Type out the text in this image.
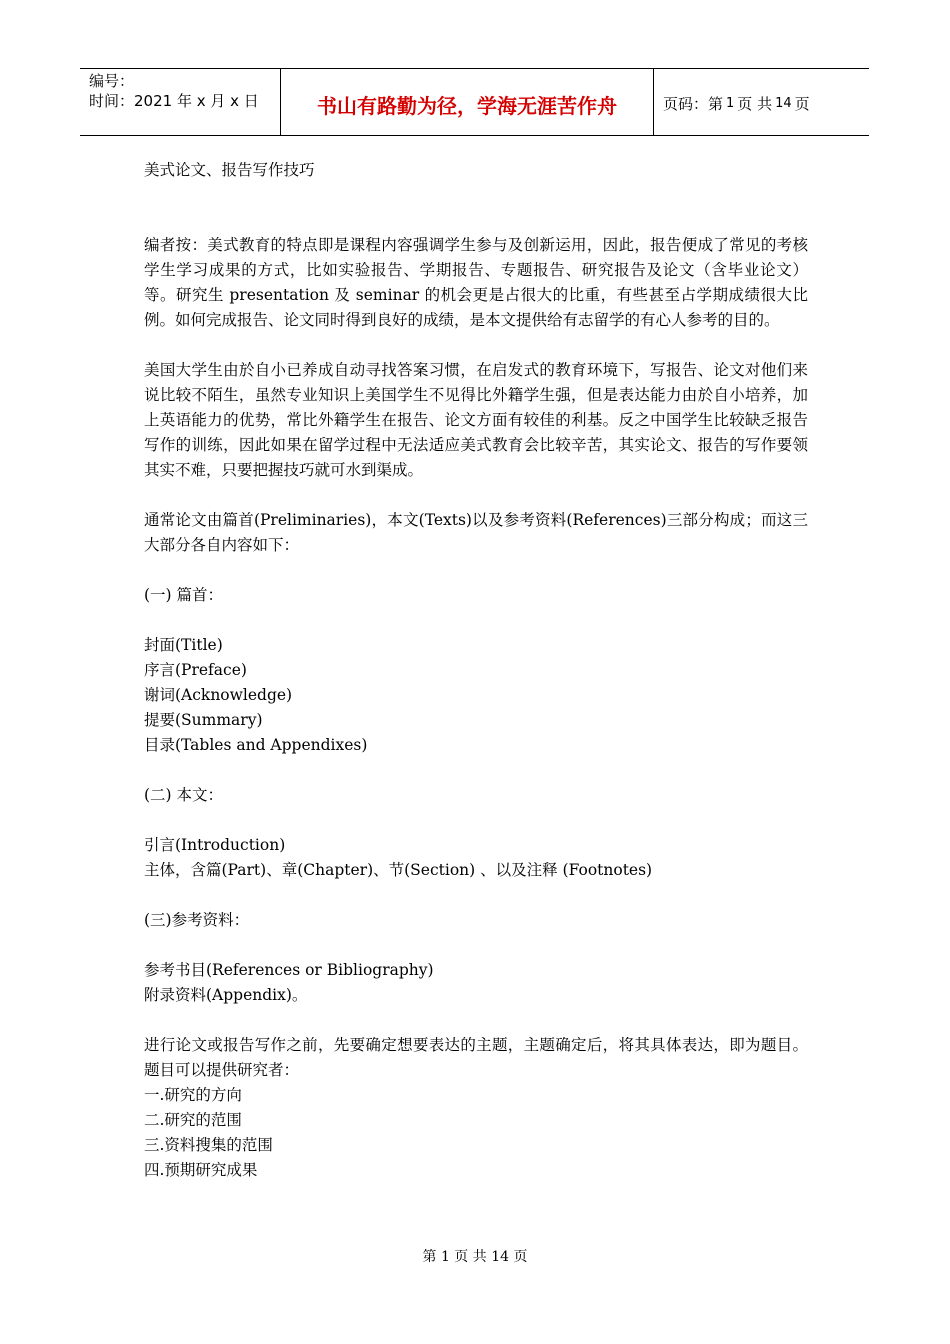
编号：
时间：2021 年 x 月 x 日	书山有路勤为径，学海无涯苦作舟	页码：第 1 页 共 14 页

美式论文、报告写作技巧

编者按：美式教育的特点即是课程内容强调学生参与及创新运用，因此，报告便成了常见的考核学生学习成果的方式，比如实验报告、学期报告、专题报告、研究报告及论文（含毕业论文）等。研究生 presentation 及 seminar 的机会更是占很大的比重，有些甚至占学期成绩很大比例。如何完成报告、论文同时得到良好的成绩，是本文提供给有志留学的有心人参考的目的。

美国大学生由於自小已养成自动寻找答案习惯，在启发式的教育环境下，写报告、论文对他们来说比较不陌生，虽然专业知识上美国学生不见得比外籍学生强，但是表达能力由於自小培养，加上英语能力的优势，常比外籍学生在报告、论文方面有较佳的利基。反之中国学生比较缺乏报告写作的训练，因此如果在留学过程中无法适应美式教育会比较辛苦，其实论文、报告的写作要领其实不难，只要把握技巧就可水到渠成。

通常论文由篇首(Preliminaries)，本文(Texts)以及参考资料(References)三部分构成；而这三大部分各自内容如下：

(一) 篇首：

封面(Title)

序言(Preface)

谢词(Acknowledge)

提要(Summary)

目录(Tables and Appendixes)

(二) 本文：

引言(Introduction)

主体，含篇(Part)、章(Chapter)、节(Section) 、以及注释 (Footnotes)

(三)参考资料：

参考书目(References or Bibliography)

附录资料(Appendix)。

进行论文或报告写作之前，先要确定想要表达的主题，主题确定后，将其具体表达，即为题目。题目可以提供研究者：

一.研究的方向

二.研究的范围

三.资料搜集的范围

四.预期研究成果

第 1 页 共 14 页
